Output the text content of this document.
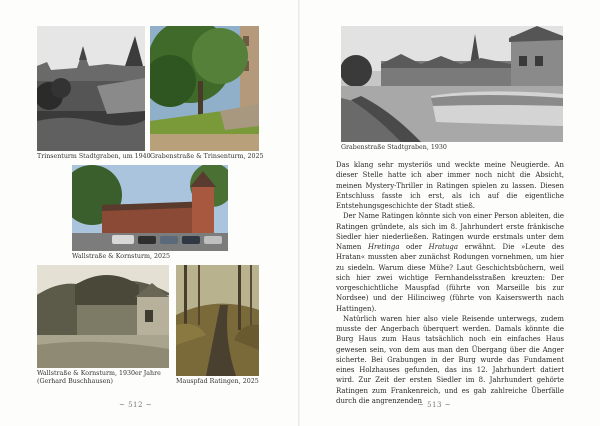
Trinsenturm Stadtgraben, um 1940 Grabenstraße & Trinsenturm, 2025
Wallstraße & Kornsturm, 2025
Wallstraße & Kornsturm, 1930er Jahre
(Gerhard Buschhausen)	Mauspfad Ratingen, 2025
~ 512 ~
Grabenstraße Stadtgraben, 1930

Das klang sehr mysteriös und weckte meine Neugierde. An dieser Stelle hatte ich aber immer noch nicht die Absicht, meinen Mystery-Thriller in Ratingen spielen zu lassen. Diesen Entschluss fasste ich erst, als ich auf die eigentliche Entstehungsgeschichte der Stadt stieß.

Der Name Ratingen könnte sich von einer Person ableiten, die Ratingen gründete, als sich im 8. Jahrhundert erste fränkische Siedler hier niederließen. Ratingen wurde erstmals unter dem Namen Hretinga oder Hratuga erwähnt. Die »Leute des Hratan« mussten aber zunächst Rodungen vornehmen, um hier zu siedeln. Warum diese Mühe? Laut Geschichtsbüchern, weil sich hier zwei wichtige Fernhandelsstraßen kreuzten: Der vorgeschichtliche Mauspfad (führte von Marseille bis zur Nordsee) und der Hilinciweg (führte von Kaiserswerth nach Hattingen).

Natürlich waren hier also viele Reisende unterwegs, zudem musste der Angerbach überquert werden. Damals könnte die Burg Haus zum Haus tatsächlich noch ein einfaches Haus gewesen sein, von dem aus man den Übergang über die Anger sicherte. Bei Grabungen in der Burg wurde das Fundament eines Holzhauses gefunden, das ins 12. Jahrhundert datiert wird. Zur Zeit der ersten Siedler im 8. Jahrhundert gehörte Ratingen zum Frankenreich, und es gab zahlreiche Überfälle durch die angrenzenden

~ 513 ~
